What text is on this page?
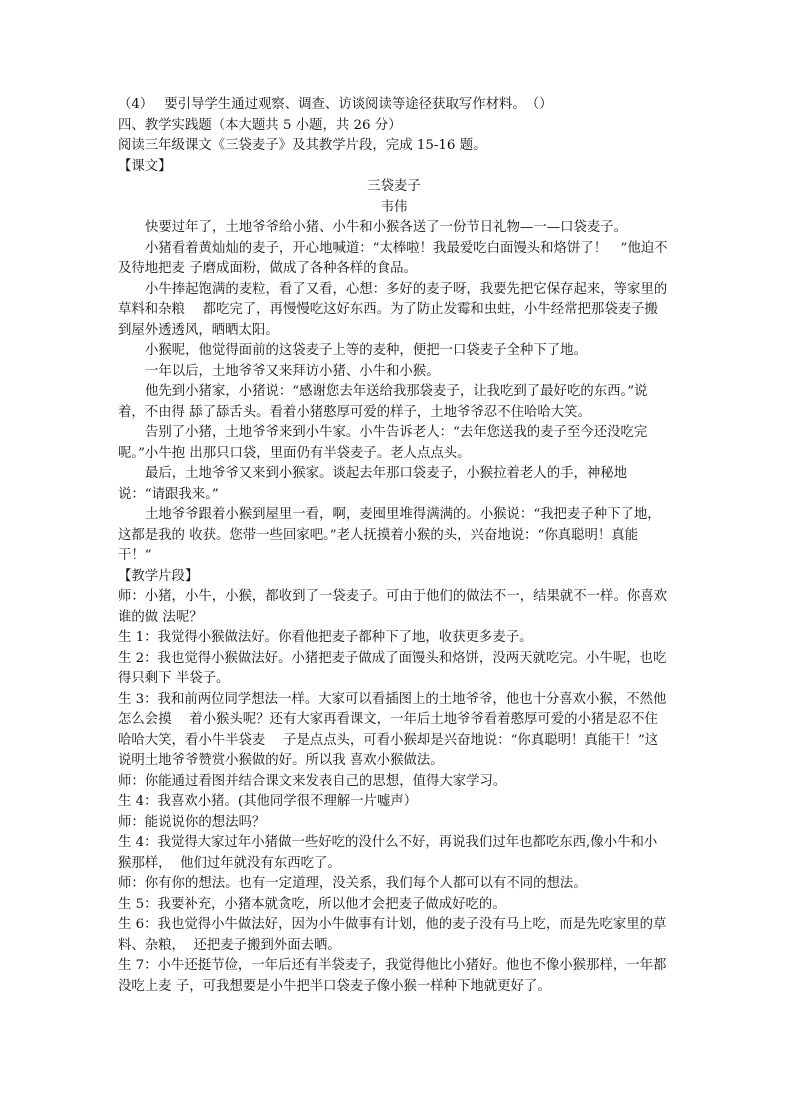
（4）　 要引导学生通过观察、调查、访谈阅读等途径获取写作材料。　（）
四、教学实践题（本大题共 5 小题，共 26 分）
阅读三年级课文《三袋麦子》及其教学片段，完成 15-16 题。
【课文】
三袋麦子
韦伟
快要过年了，土地爷爷给小猪、小牛和小猴各送了一份节日礼物—一—口袋麦子。
小猪看着黄灿灿的麦子，开心地喊道：“太棒啦！我最爱吃白面馒头和烙饼了！　”他迫不及待地把麦 子磨成面粉，做成了各种各样的食品。
小牛捧起饱满的麦粒，看了又看，心想：多好的麦子呀，我要先把它保存起来，等家里的草料和杂粮　 都吃完了，再慢慢吃这好东西。为了防止发霉和虫蛀，小牛经常把那袋麦子搬到屋外透透风，晒晒太阳。
小猴呢，他觉得面前的这袋麦子上等的麦种，便把一口袋麦子全种下了地。
一年以后，土地爷爷又来拜访小猪、小牛和小猴。
他先到小猪家，小猪说：“感谢您去年送给我那袋麦子，让我吃到了最好吃的东西。”说着，不由得 舔了舔舌头。看着小猪憨厚可爱的样子，土地爷爷忍不住哈哈大笑。
告别了小猪，土地爷爷来到小牛家。小牛告诉老人：“去年您送我的麦子至今还没吃完呢。”小牛抱 出那只口袋，里面仍有半袋麦子。老人点点头。
最后，土地爷爷又来到小猴家。谈起去年那口袋麦子，小猴拉着老人的手，神秘地说：“请跟我来。”
土地爷爷跟着小猴到屋里一看，啊，麦囤里堆得满满的。小猴说：“我把麦子种下了地，这都是我的 收获。您带一些回家吧。”老人抚摸着小猴的头，兴奋地说：“你真聪明！真能干！”
【教学片段】
师：小猪，小牛，小猴，都收到了一袋麦子。可由于他们的做法不一，结果就不一样。你喜欢谁的做 法呢？
生 1：我觉得小猴做法好。你看他把麦子都种下了地，收获更多麦子。
生 2：我也觉得小猴做法好。小猪把麦子做成了面馒头和烙饼，没两天就吃完。小牛呢，也吃得只剩下 半袋子。
生 3：我和前两位同学想法一样。大家可以看插图上的土地爷爷，他也十分喜欢小猴，不然他怎么会摸　 着小猴头呢？还有大家再看课文，一年后土地爷爷看着憨厚可爱的小猪是忍不住哈哈大笑，看小牛半袋麦　 子是点点头，可看小猴却是兴奋地说：“你真聪明！真能干！”这说明土地爷爷赞赏小猴做的好。所以我 喜欢小猴做法。
师：你能通过看图并结合课文来发表自己的思想，值得大家学习。
生 4：我喜欢小猪。(其他同学很不理解一片嘘声）
师：能说说你的想法吗？
生 4：我觉得大家过年小猪做一些好吃的没什么不好，再说我们过年也都吃东西,像小牛和小猴那样，  他们过年就没有东西吃了。
师：你有你的想法。也有一定道理，没关系，我们每个人都可以有不同的想法。
生 5：我要补充，小猪本就贪吃，所以他才会把麦子做成好吃的。
生 6：我也觉得小牛做法好，因为小牛做事有计划，他的麦子没有马上吃，而是先吃家里的草料、杂粮，  还把麦子搬到外面去晒。
生 7：小牛还挺节俭，一年后还有半袋麦子，我觉得他比小猪好。他也不像小猴那样，一年都没吃上麦 子，可我想要是小牛把半口袋麦子像小猴一样种下地就更好了。
